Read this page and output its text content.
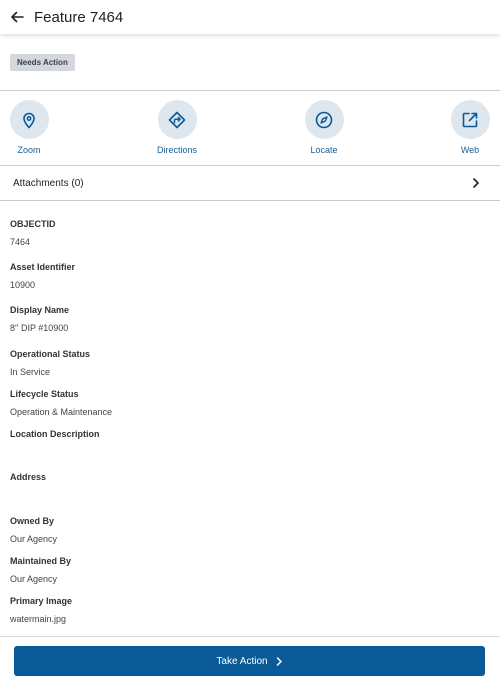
Feature 7464
Needs Action
Zoom	Directions	Locate	Web
Attachments (0)
OBJECTID
7464
Asset Identifier
10900
Display Name
8'' DIP #10900
Operational Status
In Service
Lifecycle Status
Operation & Maintenance
Location Description
Address
Owned By
Our Agency
Maintained By
Our Agency
Primary Image
watermain.jpg
Take Action
